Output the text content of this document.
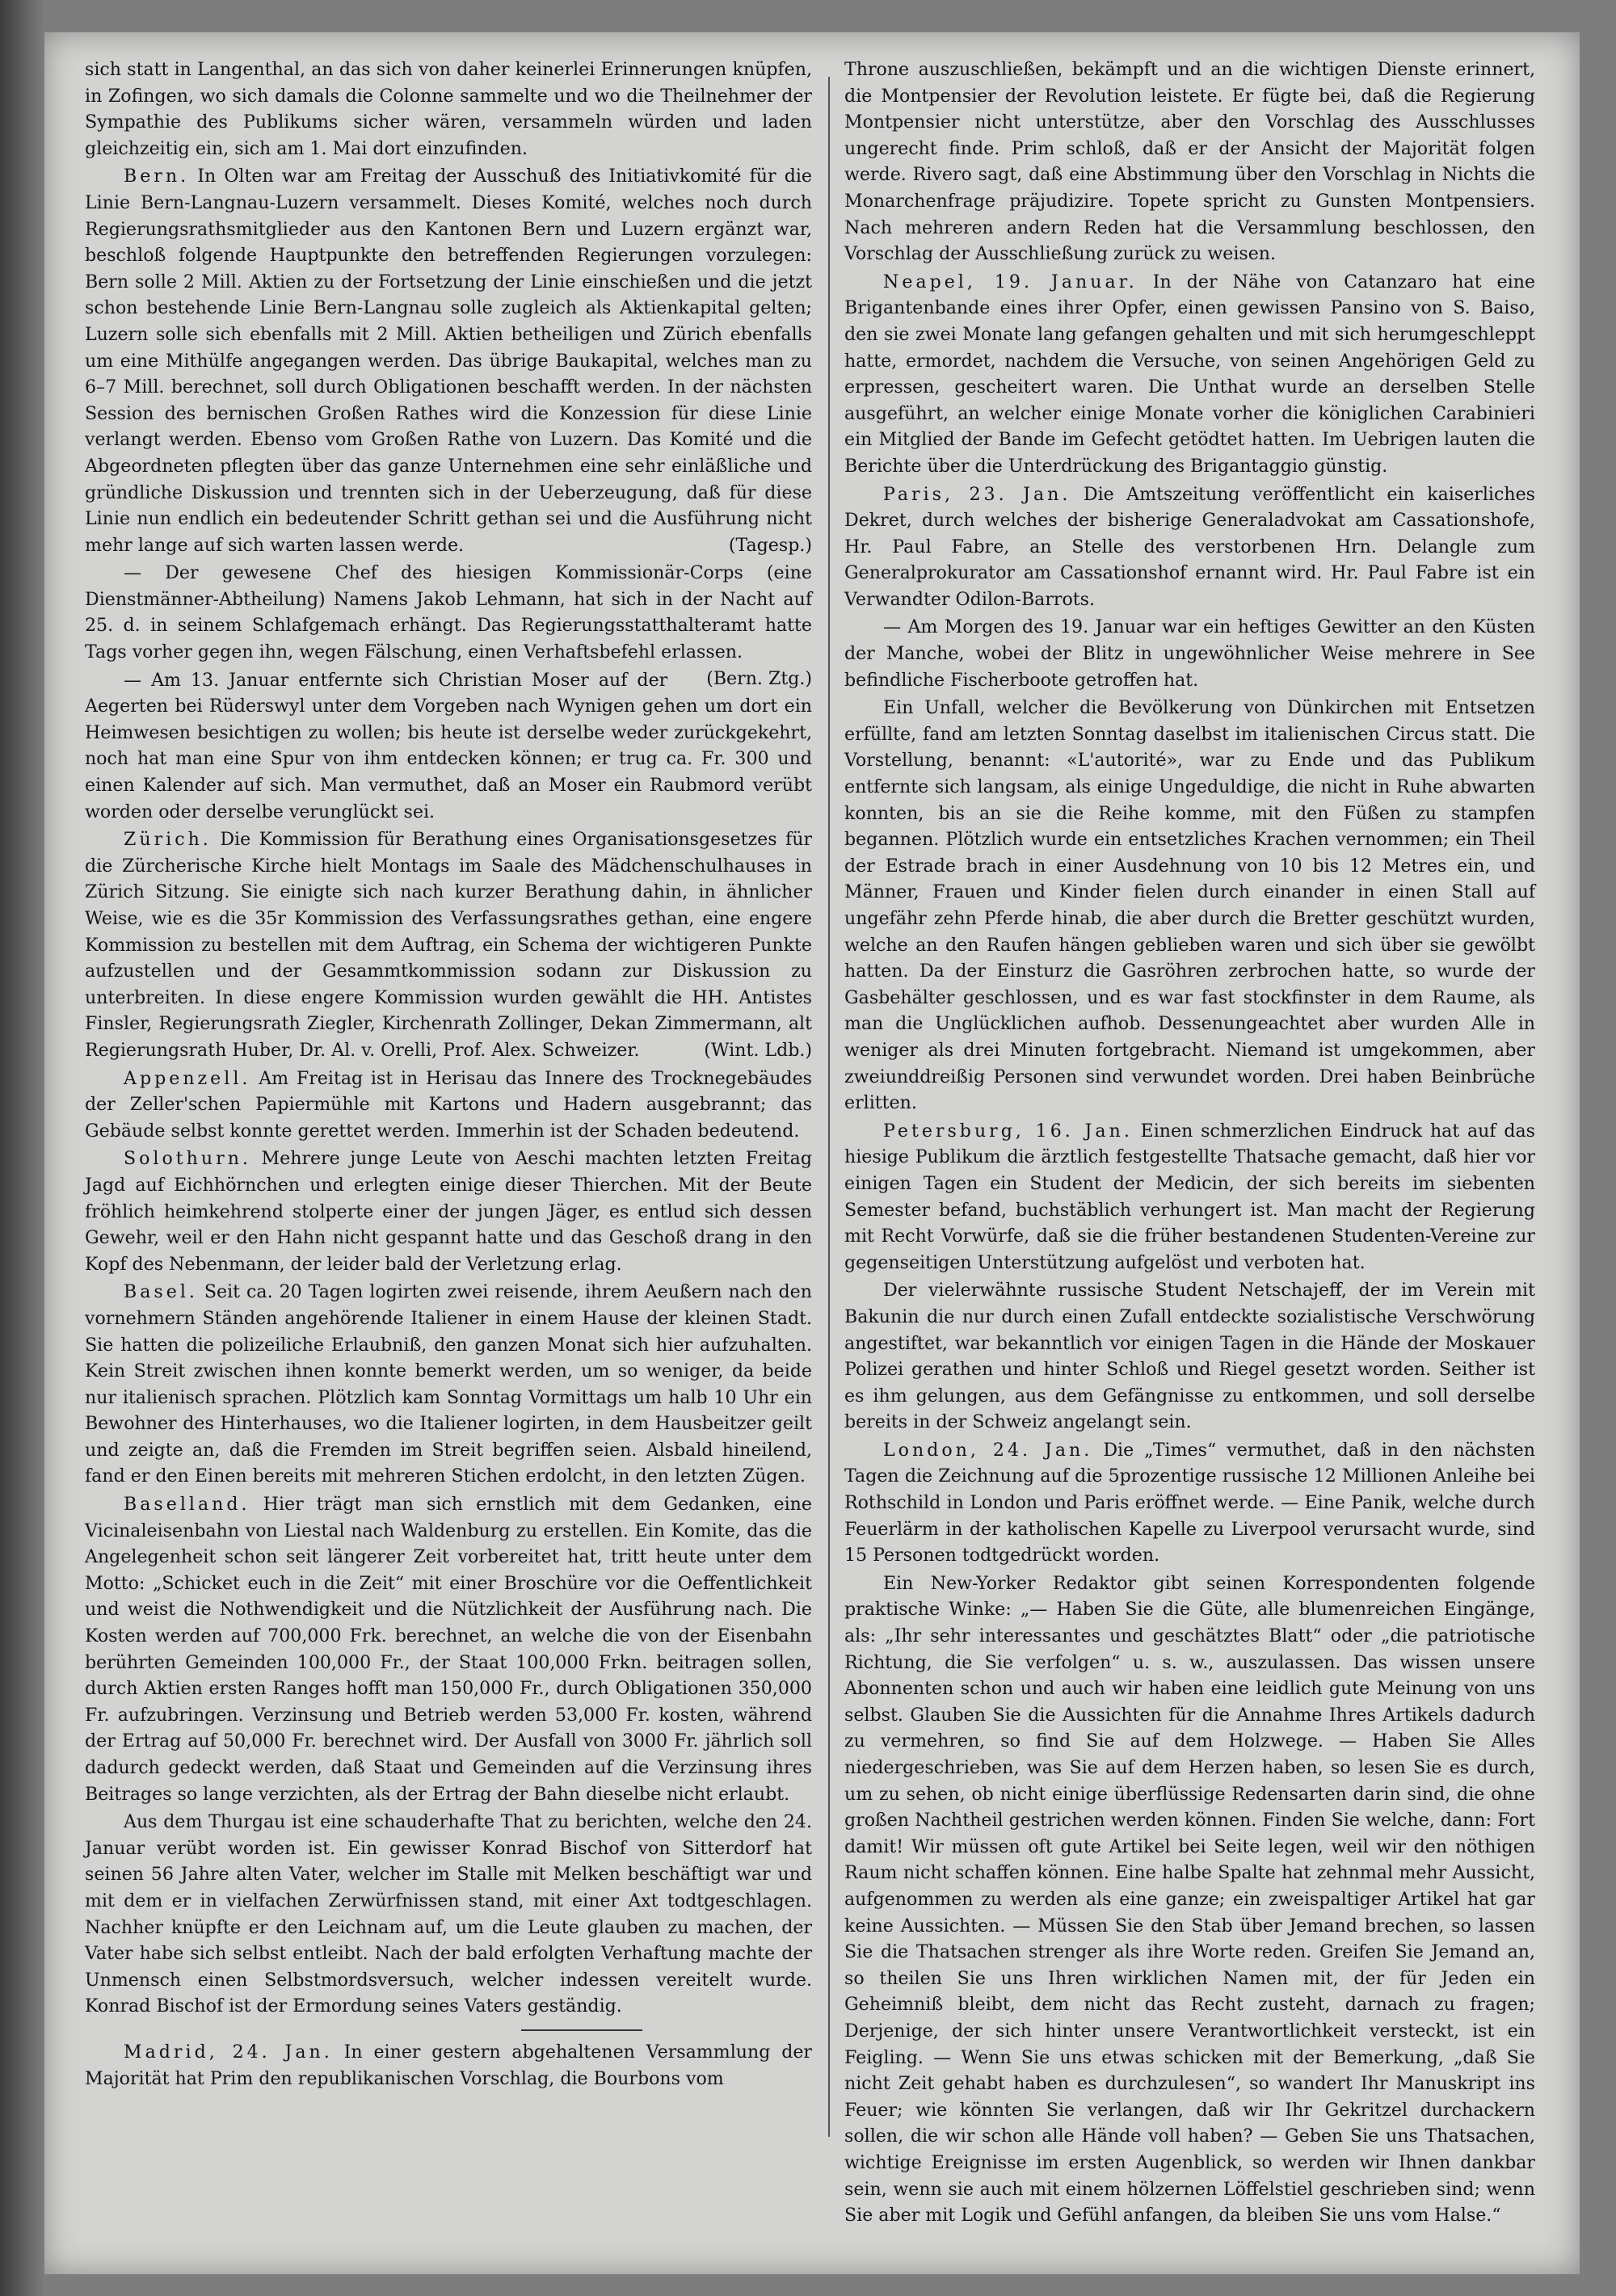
sich statt in Langenthal, an das sich von daher keinerlei Erinnerungen knüpfen, in Zofingen, wo sich damals die Colonne sammelte und wo die Theilnehmer der Sympathie des Publikums sicher wären, versammeln würden und laden gleichzeitig ein, sich am 1. Mai dort einzufinden.

Bern. In Olten war am Freitag der Ausschuß des Initiativkomité für die Linie Bern-Langnau-Luzern versammelt. Dieses Komité, welches noch durch Regierungsrathsmitglieder aus den Kantonen Bern und Luzern ergänzt war, beschloß folgende Hauptpunkte den betreffenden Regierungen vorzulegen: Bern solle 2 Mill. Aktien zu der Fortsetzung der Linie einschießen und die jetzt schon bestehende Linie Bern-Langnau solle zugleich als Aktienkapital gelten; Luzern solle sich ebenfalls mit 2 Mill. Aktien betheiligen und Zürich ebenfalls um eine Mithülfe angegangen werden. Das übrige Baukapital, welches man zu 6–7 Mill. berechnet, soll durch Obligationen beschafft werden. In der nächsten Session des bernischen Großen Rathes wird die Konzession für diese Linie verlangt werden. Ebenso vom Großen Rathe von Luzern. Das Komité und die Abgeordneten pflegten über das ganze Unternehmen eine sehr einläßliche und gründliche Diskussion und trennten sich in der Ueberzeugung, daß für diese Linie nun endlich ein bedeutender Schritt gethan sei und die Ausführung nicht mehr lange auf sich warten lassen werde.	(Tagesp.)

— Der gewesene Chef des hiesigen Kommissionär-Corps (eine Dienstmänner-Abtheilung) Namens Jakob Lehmann, hat sich in der Nacht auf 25. d. in seinem Schlafgemach erhängt. Das Regierungsstatthalteramt hatte Tags vorher gegen ihn, wegen Fälschung, einen Verhaftsbefehl erlassen.
(Bern. Ztg.)

— Am 13. Januar entfernte sich Christian Moser auf der Aegerten bei Rüderswyl unter dem Vorgeben nach Wynigen gehen um dort ein Heimwesen besichtigen zu wollen; bis heute ist derselbe weder zurückgekehrt, noch hat man eine Spur von ihm entdecken können; er trug ca. Fr. 300 und einen Kalender auf sich. Man vermuthet, daß an Moser ein Raubmord verübt worden oder derselbe verunglückt sei.

Zürich. Die Kommission für Berathung eines Organisationsgesetzes für die Zürcherische Kirche hielt Montags im Saale des Mädchenschulhauses in Zürich Sitzung. Sie einigte sich nach kurzer Berathung dahin, in ähnlicher Weise, wie es die 35r Kommission des Verfassungsrathes gethan, eine engere Kommission zu bestellen mit dem Auftrag, ein Schema der wichtigeren Punkte aufzustellen und der Gesammtkommission sodann zur Diskussion zu unterbreiten. In diese engere Kommission wurden gewählt die HH. Antistes Finsler, Regierungsrath Ziegler, Kirchenrath Zollinger, Dekan Zimmermann, alt Regierungsrath Huber, Dr. Al. v. Orelli, Prof. Alex. Schweizer.	(Wint. Ldb.)

Appenzell. Am Freitag ist in Herisau das Innere des Trocknegebäudes der Zeller'schen Papiermühle mit Kartons und Hadern ausgebrannt; das Gebäude selbst konnte gerettet werden. Immerhin ist der Schaden bedeutend.

Solothurn. Mehrere junge Leute von Aeschi machten letzten Freitag Jagd auf Eichhörnchen und erlegten einige dieser Thierchen. Mit der Beute fröhlich heimkehrend stolperte einer der jungen Jäger, es entlud sich dessen Gewehr, weil er den Hahn nicht gespannt hatte und das Geschoß drang in den Kopf des Nebenmann, der leider bald der Verletzung erlag.

Basel. Seit ca. 20 Tagen logirten zwei reisende, ihrem Aeußern nach den vornehmern Ständen angehörende Italiener in einem Hause der kleinen Stadt. Sie hatten die polizeiliche Erlaubniß, den ganzen Monat sich hier aufzuhalten. Kein Streit zwischen ihnen konnte bemerkt werden, um so weniger, da beide nur italienisch sprachen. Plötzlich kam Sonntag Vormittags um halb 10 Uhr ein Bewohner des Hinterhauses, wo die Italiener logirten, in dem Hausbeitzer geilt und zeigte an, daß die Fremden im Streit begriffen seien. Alsbald hineilend, fand er den Einen bereits mit mehreren Stichen erdolcht, in den letzten Zügen.

Baselland. Hier trägt man sich ernstlich mit dem Gedanken, eine Vicinaleisenbahn von Liestal nach Waldenburg zu erstellen. Ein Komite, das die Angelegenheit schon seit längerer Zeit vorbereitet hat, tritt heute unter dem Motto: „Schicket euch in die Zeit“ mit einer Broschüre vor die Oeffentlichkeit und weist die Nothwendigkeit und die Nützlichkeit der Ausführung nach. Die Kosten werden auf 700,000 Frk. berechnet, an welche die von der Eisenbahn berührten Gemeinden 100,000 Fr., der Staat 100,000 Frkn. beitragen sollen, durch Aktien ersten Ranges hofft man 150,000 Fr., durch Obligationen 350,000 Fr. aufzubringen. Verzinsung und Betrieb werden 53,000 Fr. kosten, während der Ertrag auf 50,000 Fr. berechnet wird. Der Ausfall von 3000 Fr. jährlich soll dadurch gedeckt werden, daß Staat und Gemeinden auf die Verzinsung ihres Beitrages so lange verzichten, als der Ertrag der Bahn dieselbe nicht erlaubt.

Aus dem Thurgau ist eine schauderhafte That zu berichten, welche den 24. Januar verübt worden ist. Ein gewisser Konrad Bischof von Sitterdorf hat seinen 56 Jahre alten Vater, welcher im Stalle mit Melken beschäftigt war und mit dem er in vielfachen Zerwürfnissen stand, mit einer Axt todtgeschlagen. Nachher knüpfte er den Leichnam auf, um die Leute glauben zu machen, der Vater habe sich selbst entleibt. Nach der bald erfolgten Verhaftung machte der Unmensch einen Selbstmordsversuch, welcher indessen vereitelt wurde. Konrad Bischof ist der Ermordung seines Vaters geständig.

Madrid, 24. Jan. In einer gestern abgehaltenen Versammlung der Majorität hat Prim den republikanischen Vorschlag, die Bourbons vom

Throne auszuschließen, bekämpft und an die wichtigen Dienste erinnert, die Montpensier der Revolution leistete. Er fügte bei, daß die Regierung Montpensier nicht unterstütze, aber den Vorschlag des Ausschlusses ungerecht finde. Prim schloß, daß er der Ansicht der Majorität folgen werde. Rivero sagt, daß eine Abstimmung über den Vorschlag in Nichts die Monarchenfrage präjudizire. Topete spricht zu Gunsten Montpensiers. Nach mehreren andern Reden hat die Versammlung beschlossen, den Vorschlag der Ausschließung zurück zu weisen.

Neapel, 19. Januar. In der Nähe von Catanzaro hat eine Brigantenbande eines ihrer Opfer, einen gewissen Pansino von S. Baiso, den sie zwei Monate lang gefangen gehalten und mit sich herumgeschleppt hatte, ermordet, nachdem die Versuche, von seinen Angehörigen Geld zu erpressen, gescheitert waren. Die Unthat wurde an derselben Stelle ausgeführt, an welcher einige Monate vorher die königlichen Carabinieri ein Mitglied der Bande im Gefecht getödtet hatten. Im Uebrigen lauten die Berichte über die Unterdrückung des Brigantaggio günstig.

Paris, 23. Jan. Die Amtszeitung veröffentlicht ein kaiserliches Dekret, durch welches der bisherige Generaladvokat am Cassationshofe, Hr. Paul Fabre, an Stelle des verstorbenen Hrn. Delangle zum Generalprokurator am Cassationshof ernannt wird. Hr. Paul Fabre ist ein Verwandter Odilon-Barrots.

— Am Morgen des 19. Januar war ein heftiges Gewitter an den Küsten der Manche, wobei der Blitz in ungewöhnlicher Weise mehrere in See befindliche Fischerboote getroffen hat.

Ein Unfall, welcher die Bevölkerung von Dünkirchen mit Entsetzen erfüllte, fand am letzten Sonntag daselbst im italienischen Circus statt. Die Vorstellung, benannt: «L'autorité», war zu Ende und das Publikum entfernte sich langsam, als einige Ungeduldige, die nicht in Ruhe abwarten konnten, bis an sie die Reihe komme, mit den Füßen zu stampfen begannen. Plötzlich wurde ein entsetzliches Krachen vernommen; ein Theil der Estrade brach in einer Ausdehnung von 10 bis 12 Metres ein, und Männer, Frauen und Kinder fielen durch einander in einen Stall auf ungefähr zehn Pferde hinab, die aber durch die Bretter geschützt wurden, welche an den Raufen hängen geblieben waren und sich über sie gewölbt hatten. Da der Einsturz die Gasröhren zerbrochen hatte, so wurde der Gasbehälter geschlossen, und es war fast stockfinster in dem Raume, als man die Unglücklichen aufhob. Dessenungeachtet aber wurden Alle in weniger als drei Minuten fortgebracht. Niemand ist umgekommen, aber zweiunddreißig Personen sind verwundet worden. Drei haben Beinbrüche erlitten.

Petersburg, 16. Jan. Einen schmerzlichen Eindruck hat auf das hiesige Publikum die ärztlich festgestellte Thatsache gemacht, daß hier vor einigen Tagen ein Student der Medicin, der sich bereits im siebenten Semester befand, buchstäblich verhungert ist. Man macht der Regierung mit Recht Vorwürfe, daß sie die früher bestandenen Studenten-Vereine zur gegenseitigen Unterstützung aufgelöst und verboten hat.

Der vielerwähnte russische Student Netschajeff, der im Verein mit Bakunin die nur durch einen Zufall entdeckte sozialistische Verschwörung angestiftet, war bekanntlich vor einigen Tagen in die Hände der Moskauer Polizei gerathen und hinter Schloß und Riegel gesetzt worden. Seither ist es ihm gelungen, aus dem Gefängnisse zu entkommen, und soll derselbe bereits in der Schweiz angelangt sein.

London, 24. Jan. Die „Times“ vermuthet, daß in den nächsten Tagen die Zeichnung auf die 5prozentige russische 12 Millionen Anleihe bei Rothschild in London und Paris eröffnet werde. — Eine Panik, welche durch Feuerlärm in der katholischen Kapelle zu Liverpool verursacht wurde, sind 15 Personen todtgedrückt worden.

Ein New-Yorker Redaktor gibt seinen Korrespondenten folgende praktische Winke: „— Haben Sie die Güte, alle blumenreichen Eingänge, als: „Ihr sehr interessantes und geschätztes Blatt“ oder „die patriotische Richtung, die Sie verfolgen“ u. s. w., auszulassen. Das wissen unsere Abonnenten schon und auch wir haben eine leidlich gute Meinung von uns selbst. Glauben Sie die Aussichten für die Annahme Ihres Artikels dadurch zu vermehren, so find Sie auf dem Holzwege. — Haben Sie Alles niedergeschrieben, was Sie auf dem Herzen haben, so lesen Sie es durch, um zu sehen, ob nicht einige überflüssige Redensarten darin sind, die ohne großen Nachtheil gestrichen werden können. Finden Sie welche, dann: Fort damit! Wir müssen oft gute Artikel bei Seite legen, weil wir den nöthigen Raum nicht schaffen können. Eine halbe Spalte hat zehnmal mehr Aussicht, aufgenommen zu werden als eine ganze; ein zweispaltiger Artikel hat gar keine Aussichten. — Müssen Sie den Stab über Jemand brechen, so lassen Sie die Thatsachen strenger als ihre Worte reden. Greifen Sie Jemand an, so theilen Sie uns Ihren wirklichen Namen mit, der für Jeden ein Geheimniß bleibt, dem nicht das Recht zusteht, darnach zu fragen; Derjenige, der sich hinter unsere Verantwortlichkeit versteckt, ist ein Feigling. — Wenn Sie uns etwas schicken mit der Bemerkung, „daß Sie nicht Zeit gehabt haben es durchzulesen“, so wandert Ihr Manuskript ins Feuer; wie könnten Sie verlangen, daß wir Ihr Gekritzel durchackern sollen, die wir schon alle Hände voll haben? — Geben Sie uns Thatsachen, wichtige Ereignisse im ersten Augenblick, so werden wir Ihnen dankbar sein, wenn sie auch mit einem hölzernen Löffelstiel geschrieben sind; wenn Sie aber mit Logik und Gefühl anfangen, da bleiben Sie uns vom Halse.“
